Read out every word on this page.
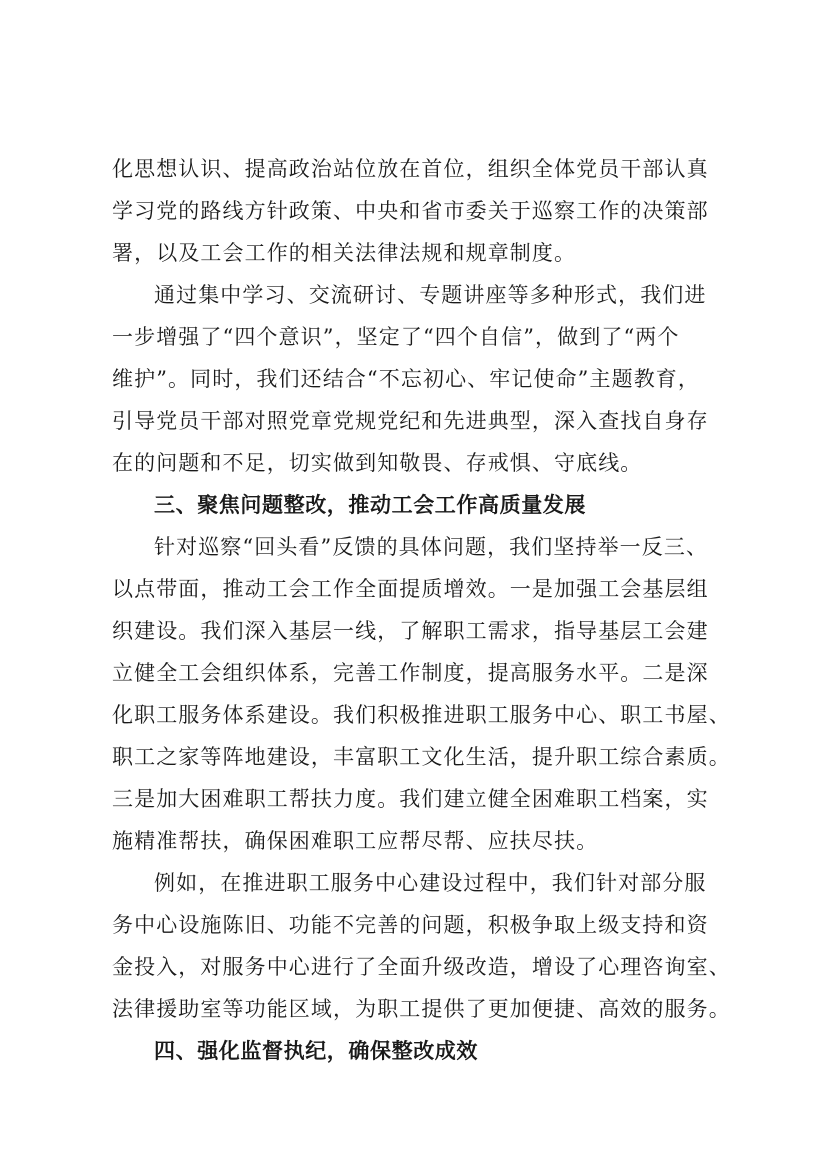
化思想认识、提高政治站位放在首位，组织全体党员干部认真
学习党的路线方针政策、中央和省市委关于巡察工作的决策部
署，以及工会工作的相关法律法规和规章制度。
通过集中学习、交流研讨、专题讲座等多种形式，我们进
一步增强了“四个意识”，坚定了“四个自信”，做到了“两个
维护”。同时，我们还结合“不忘初心、牢记使命”主题教育，
引导党员干部对照党章党规党纪和先进典型，深入查找自身存
在的问题和不足，切实做到知敬畏、存戒惧、守底线。
三、聚焦问题整改，推动工会工作高质量发展
针对巡察“回头看”反馈的具体问题，我们坚持举一反三、
以点带面，推动工会工作全面提质增效。一是加强工会基层组
织建设。我们深入基层一线，了解职工需求，指导基层工会建
立健全工会组织体系，完善工作制度，提高服务水平。二是深
化职工服务体系建设。我们积极推进职工服务中心、职工书屋、
职工之家等阵地建设，丰富职工文化生活，提升职工综合素质。
三是加大困难职工帮扶力度。我们建立健全困难职工档案，实
施精准帮扶，确保困难职工应帮尽帮、应扶尽扶。
例如，在推进职工服务中心建设过程中，我们针对部分服
务中心设施陈旧、功能不完善的问题，积极争取上级支持和资
金投入，对服务中心进行了全面升级改造，增设了心理咨询室、
法律援助室等功能区域，为职工提供了更加便捷、高效的服务。
四、强化监督执纪，确保整改成效
